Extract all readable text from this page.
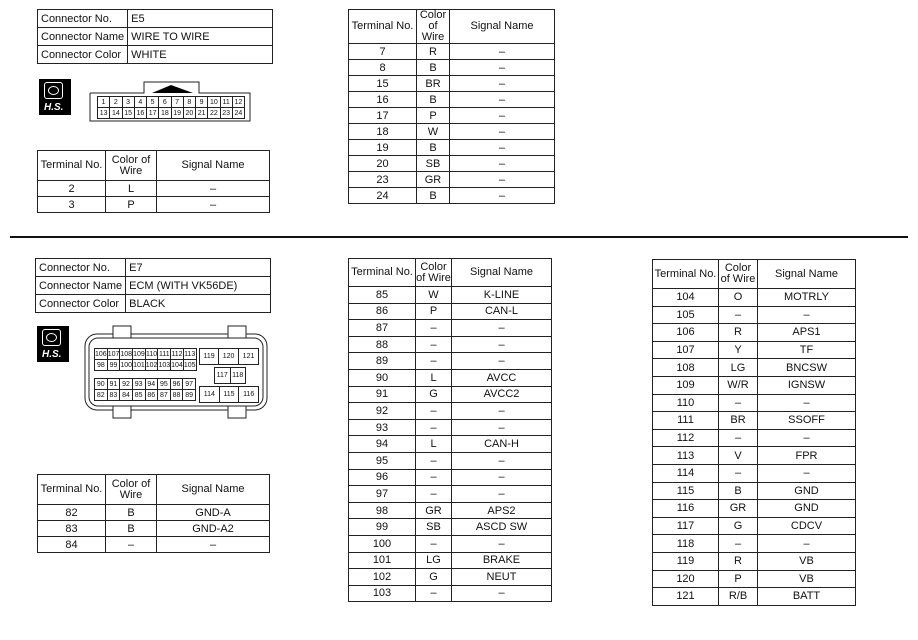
Connector No.	E5
Connector Name	WIRE TO WIRE
Connector Color	WHITE
H.S.	1	2	3	4	5	6	7	8	9	10	11	12
13	14	15	16	17	18	19	20	21	22	23	24
Terminal No.	Color of Wire	Signal Name
2	L	–
3	P	–
Terminal No.	Color of Wire	Signal Name
7	R	–
8	B	–
15	BR	–
16	B	–
17	P	–
18	W	–
19	B	–
20	SB	–
23	GR	–
24	B	–
Connector No.	E7
Connector Name	ECM (WITH VK56DE)
Connector Color	BLACK
H.S.	106	107	108	109	110	111	112	113
98	99	100	101	102	103	104	105
90	91	92	93	94	95	96	97
82	83	84	85	86	87	88	89
119	120	121
117	118
114	115	116
Terminal No.	Color of Wire	Signal Name
82	B	GND-A
83	B	GND-A2
84	–	–
Terminal No.	Color of Wire	Signal Name
85	W	K-LINE
86	P	CAN-L
87	–	–
88	–	–
89	–	–
90	L	AVCC
91	G	AVCC2
92	–	–
93	–	–
94	L	CAN-H
95	–	–
96	–	–
97	–	–
98	GR	APS2
99	SB	ASCD SW
100	–	–
101	LG	BRAKE
102	G	NEUT
103	–	–
Terminal No.	Color of Wire	Signal Name
104	O	MOTRLY
105	–	–
106	R	APS1
107	Y	TF
108	LG	BNCSW
109	W/R	IGNSW
110	–	–
111	BR	SSOFF
112	–	–
113	V	FPR
114	–	–
115	B	GND
116	GR	GND
117	G	CDCV
118	–	–
119	R	VB
120	P	VB
121	R/B	BATT
